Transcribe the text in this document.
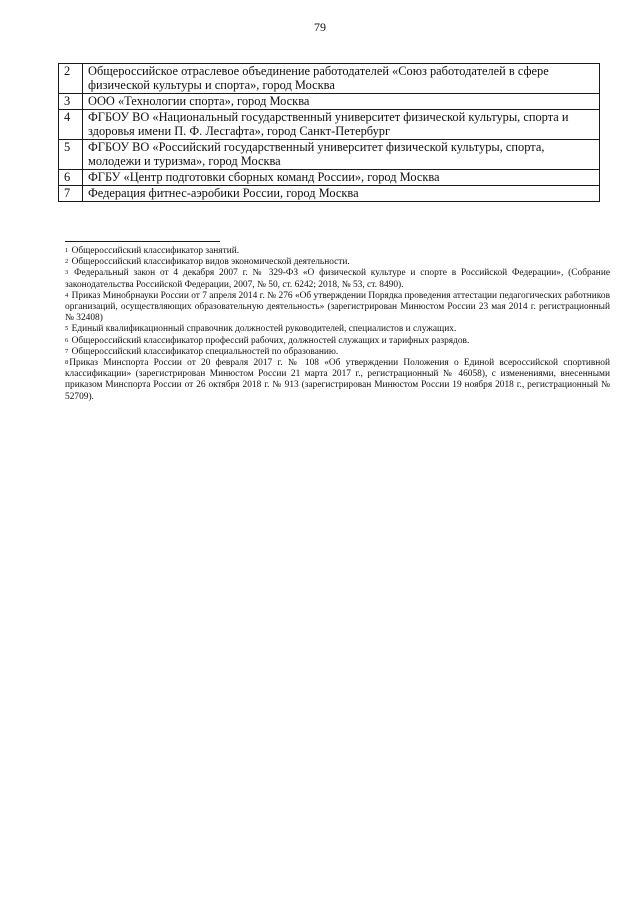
79
2	Общероссийское отраслевое объединение работодателей «Союз работодателей в сфере физической культуры и спорта», город Москва
3	ООО «Технологии спорта», город Москва
4	ФГБОУ ВО «Национальный государственный университет физической культуры, спорта и здоровья имени П. Ф. Лесгафта», город Санкт-Петербург
5	ФГБОУ ВО «Российский государственный университет физической культуры, спорта, молодежи и туризма», город Москва
6	ФГБУ «Центр подготовки сборных команд России», город Москва
7	Федерация фитнес-аэробики России, город Москва

$^1$ Общероссийский классификатор занятий.

$^2$ Общероссийский классификатор видов экономической деятельности.

$^3$ Федеральный закон от 4 декабря 2007 г. № 329-ФЗ «О физической культуре и спорте в Российской Федерации», (Собрание законодательства Российской Федерации, 2007, № 50, ст. 6242; 2018, № 53, ст. 8490).

$^4$ Приказ Минобрнауки России от 7 апреля 2014 г. № 276 «Об утверждении Порядка проведения аттестации педагогических работников организаций, осуществляющих образовательную деятельность» (зарегистрирован Минюстом России 23 мая 2014 г. регистрационный № 32408)

$^5$ Единый квалификационный справочник должностей руководителей, специалистов и служащих.

$^6$ Общероссийский классификатор профессий рабочих, должностей служащих и тарифных разрядов.

$^7$ Общероссийский классификатор специальностей по образованию.

$^8$Приказ Минспорта России от 20 февраля 2017 г. № 108 «Об утверждении Положения о Единой всероссийской спортивной классификации» (зарегистрирован Минюстом России 21 марта 2017 г., регистрационный № 46058), с изменениями, внесенными приказом Минспорта России от 26 октября 2018 г. № 913 (зарегистрирован Минюстом России 19 ноября 2018 г., регистрационный № 52709).
